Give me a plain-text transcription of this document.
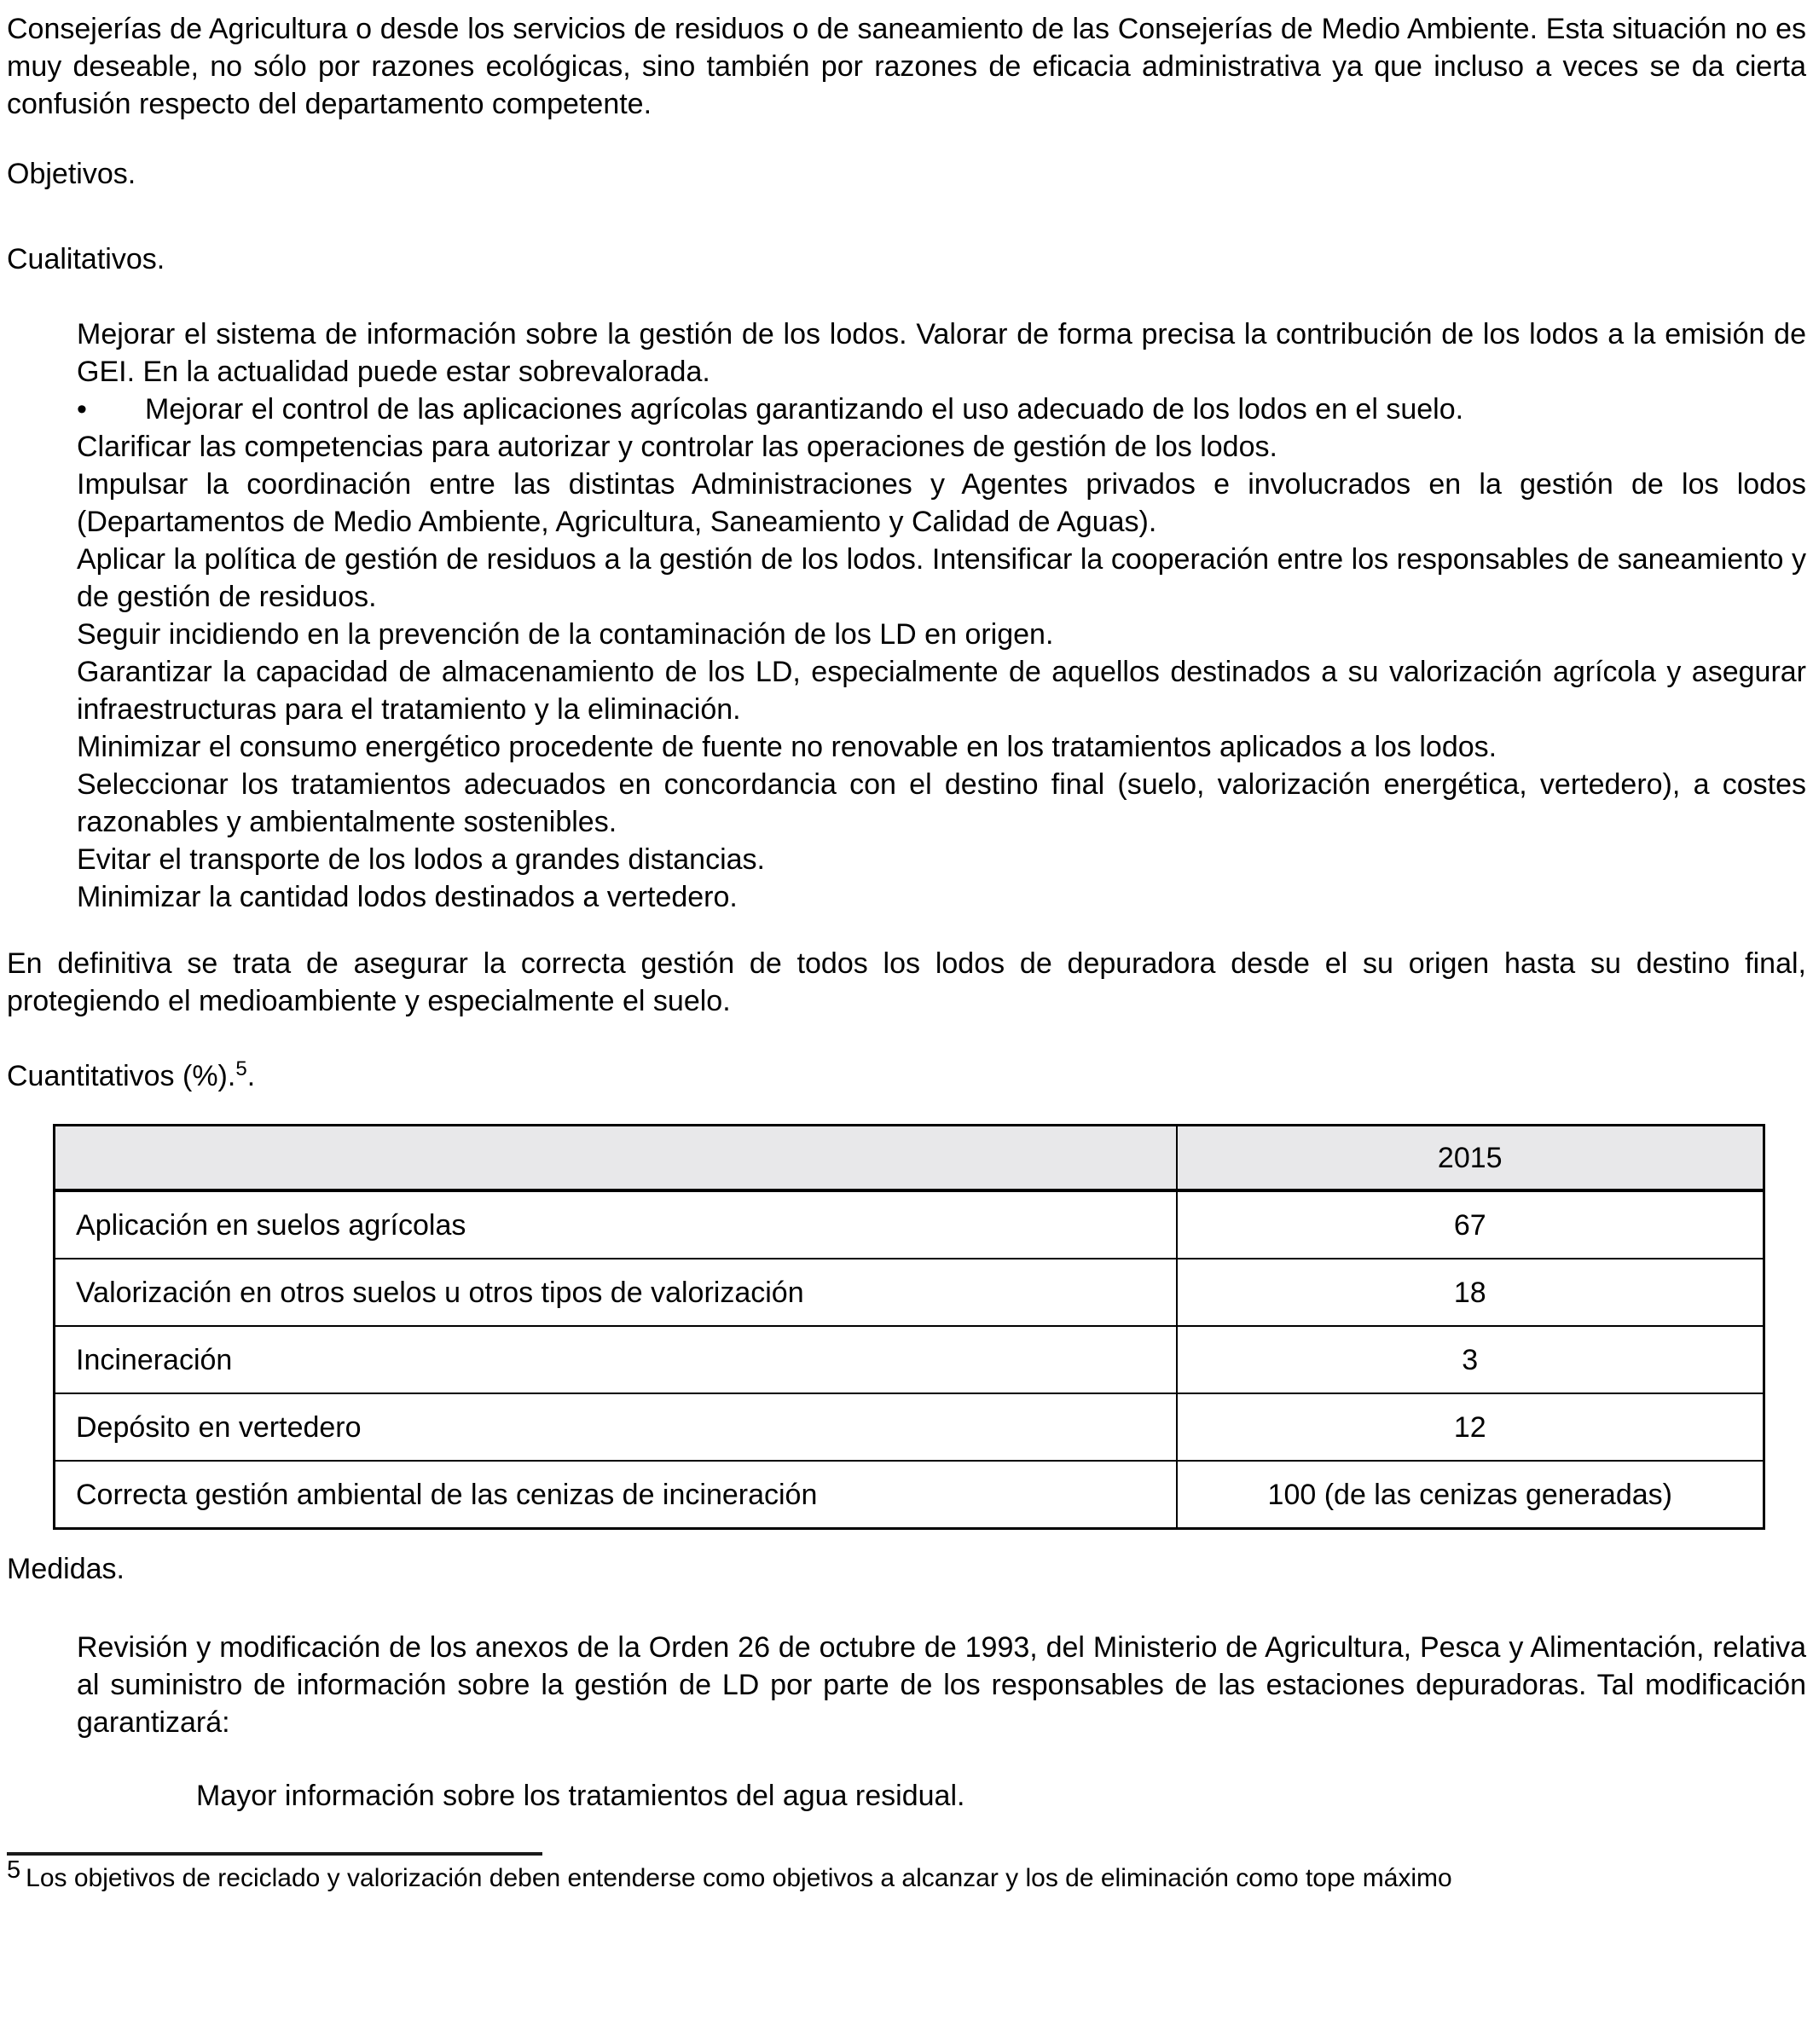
Consejerías de Agricultura o desde los servicios de residuos o de saneamiento de las Consejerías de Medio Ambiente. Esta situación no es muy deseable, no sólo por razones ecológicas, sino también por razones de eficacia administrativa ya que incluso a veces se da cierta confusión respecto del departamento competente.

Objetivos.

Cualitativos.

Mejorar el sistema de información sobre la gestión de los lodos. Valorar de forma precisa la contribución de los lodos a la emisión de GEI. En la actualidad puede estar sobrevalorada.

•	Mejorar el control de las aplicaciones agrícolas garantizando el uso adecuado de los lodos en el suelo.

Clarificar las competencias para autorizar y controlar las operaciones de gestión de los lodos.

Impulsar la coordinación entre las distintas Administraciones y Agentes privados e involucrados en la gestión de los lodos (Departamentos de Medio Ambiente, Agricultura, Saneamiento y Calidad de Aguas).

Aplicar la política de gestión de residuos a la gestión de los lodos. Intensificar la cooperación entre los responsables de saneamiento y de gestión de residuos.

Seguir incidiendo en la prevención de la contaminación de los LD en origen.

Garantizar la capacidad de almacenamiento de los LD, especialmente de aquellos destinados a su valorización agrícola y asegurar infraestructuras para el tratamiento y la eliminación.

Minimizar el consumo energético procedente de fuente no renovable en los tratamientos aplicados a los lodos.

Seleccionar los tratamientos adecuados en concordancia con el destino final (suelo, valorización energética, vertedero), a costes razonables y ambientalmente sostenibles.

Evitar el transporte de los lodos a grandes distancias.

Minimizar la cantidad lodos destinados a vertedero.

En definitiva se trata de asegurar la correcta gestión de todos los lodos de depuradora desde el su origen hasta su destino final, protegiendo el medioambiente y especialmente el suelo.

Cuantitativos (%).$^5$.

	2015
Aplicación en suelos agrícolas	67
Valorización en otros suelos u otros tipos de valorización	18
Incineración	3
Depósito en vertedero	12
Correcta gestión ambiental de las cenizas de incineración	100 (de las cenizas generadas)

Medidas.

Revisión y modificación de los anexos de la Orden 26 de octubre de 1993, del Ministerio de Agricultura, Pesca y Alimentación, relativa al suministro de información sobre la gestión de LD por parte de los responsables de las estaciones depuradoras. Tal modificación garantizará:

Mayor información sobre los tratamientos del agua residual.

$^5$ Los objetivos de reciclado y valorización deben entenderse como objetivos a alcanzar y los de eliminación como tope máximo
